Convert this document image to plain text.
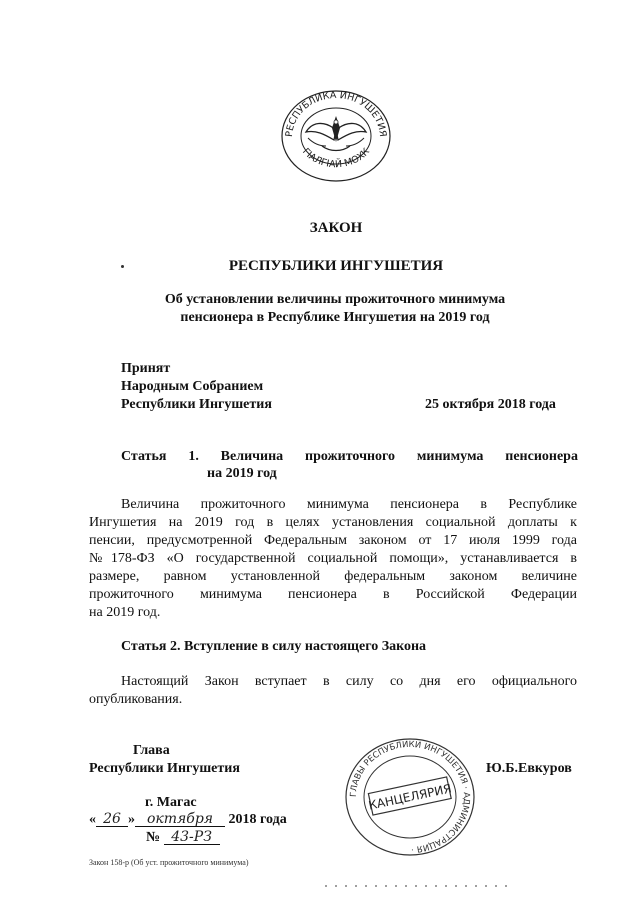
РЕСПУБЛИКА ИНГУШЕТИЯ
ГIАЛГIАЙ МОХК
ЗАКОН
РЕСПУБЛИКИ ИНГУШЕТИЯ
Об установлении величины прожиточного минимума
пенсионера в Республике Ингушетия на 2019 год
Принят
Народным Собранием
Республики Ингушетия	25 октября 2018 года
Статья 1. Величина прожиточного минимума пенсионера
на 2019 год
Величина прожиточного минимума пенсионера в Республике
Ингушетия на 2019 год в целях установления социальной доплаты к
пенсии, предусмотренной Федеральным законом от 17 июля 1999 года
№178-ФЗ «О государственной социальной помощи», устанавливается в
размере, равном установленной федеральным законом величине
прожиточного минимума пенсионера в Российской Федерации
на 2019 год.
Статья 2. Вступление в силу настоящего Закона
Настоящий Закон вступает в силу со дня его официального
опубликования.
Глава
Республики Ингушетия	Ю.Б.Евкуров
ГЛАВЫ РЕСПУБЛИКИ ИНГУШЕТИЯ · АДМИНИСТРАЦИЯ ·
КАНЦЕЛЯРИЯ
г. Магас
« 26 » октября 2018 года
№ 43-РЗ
Закон 158-р (Об уст. прожиточного минимума)
